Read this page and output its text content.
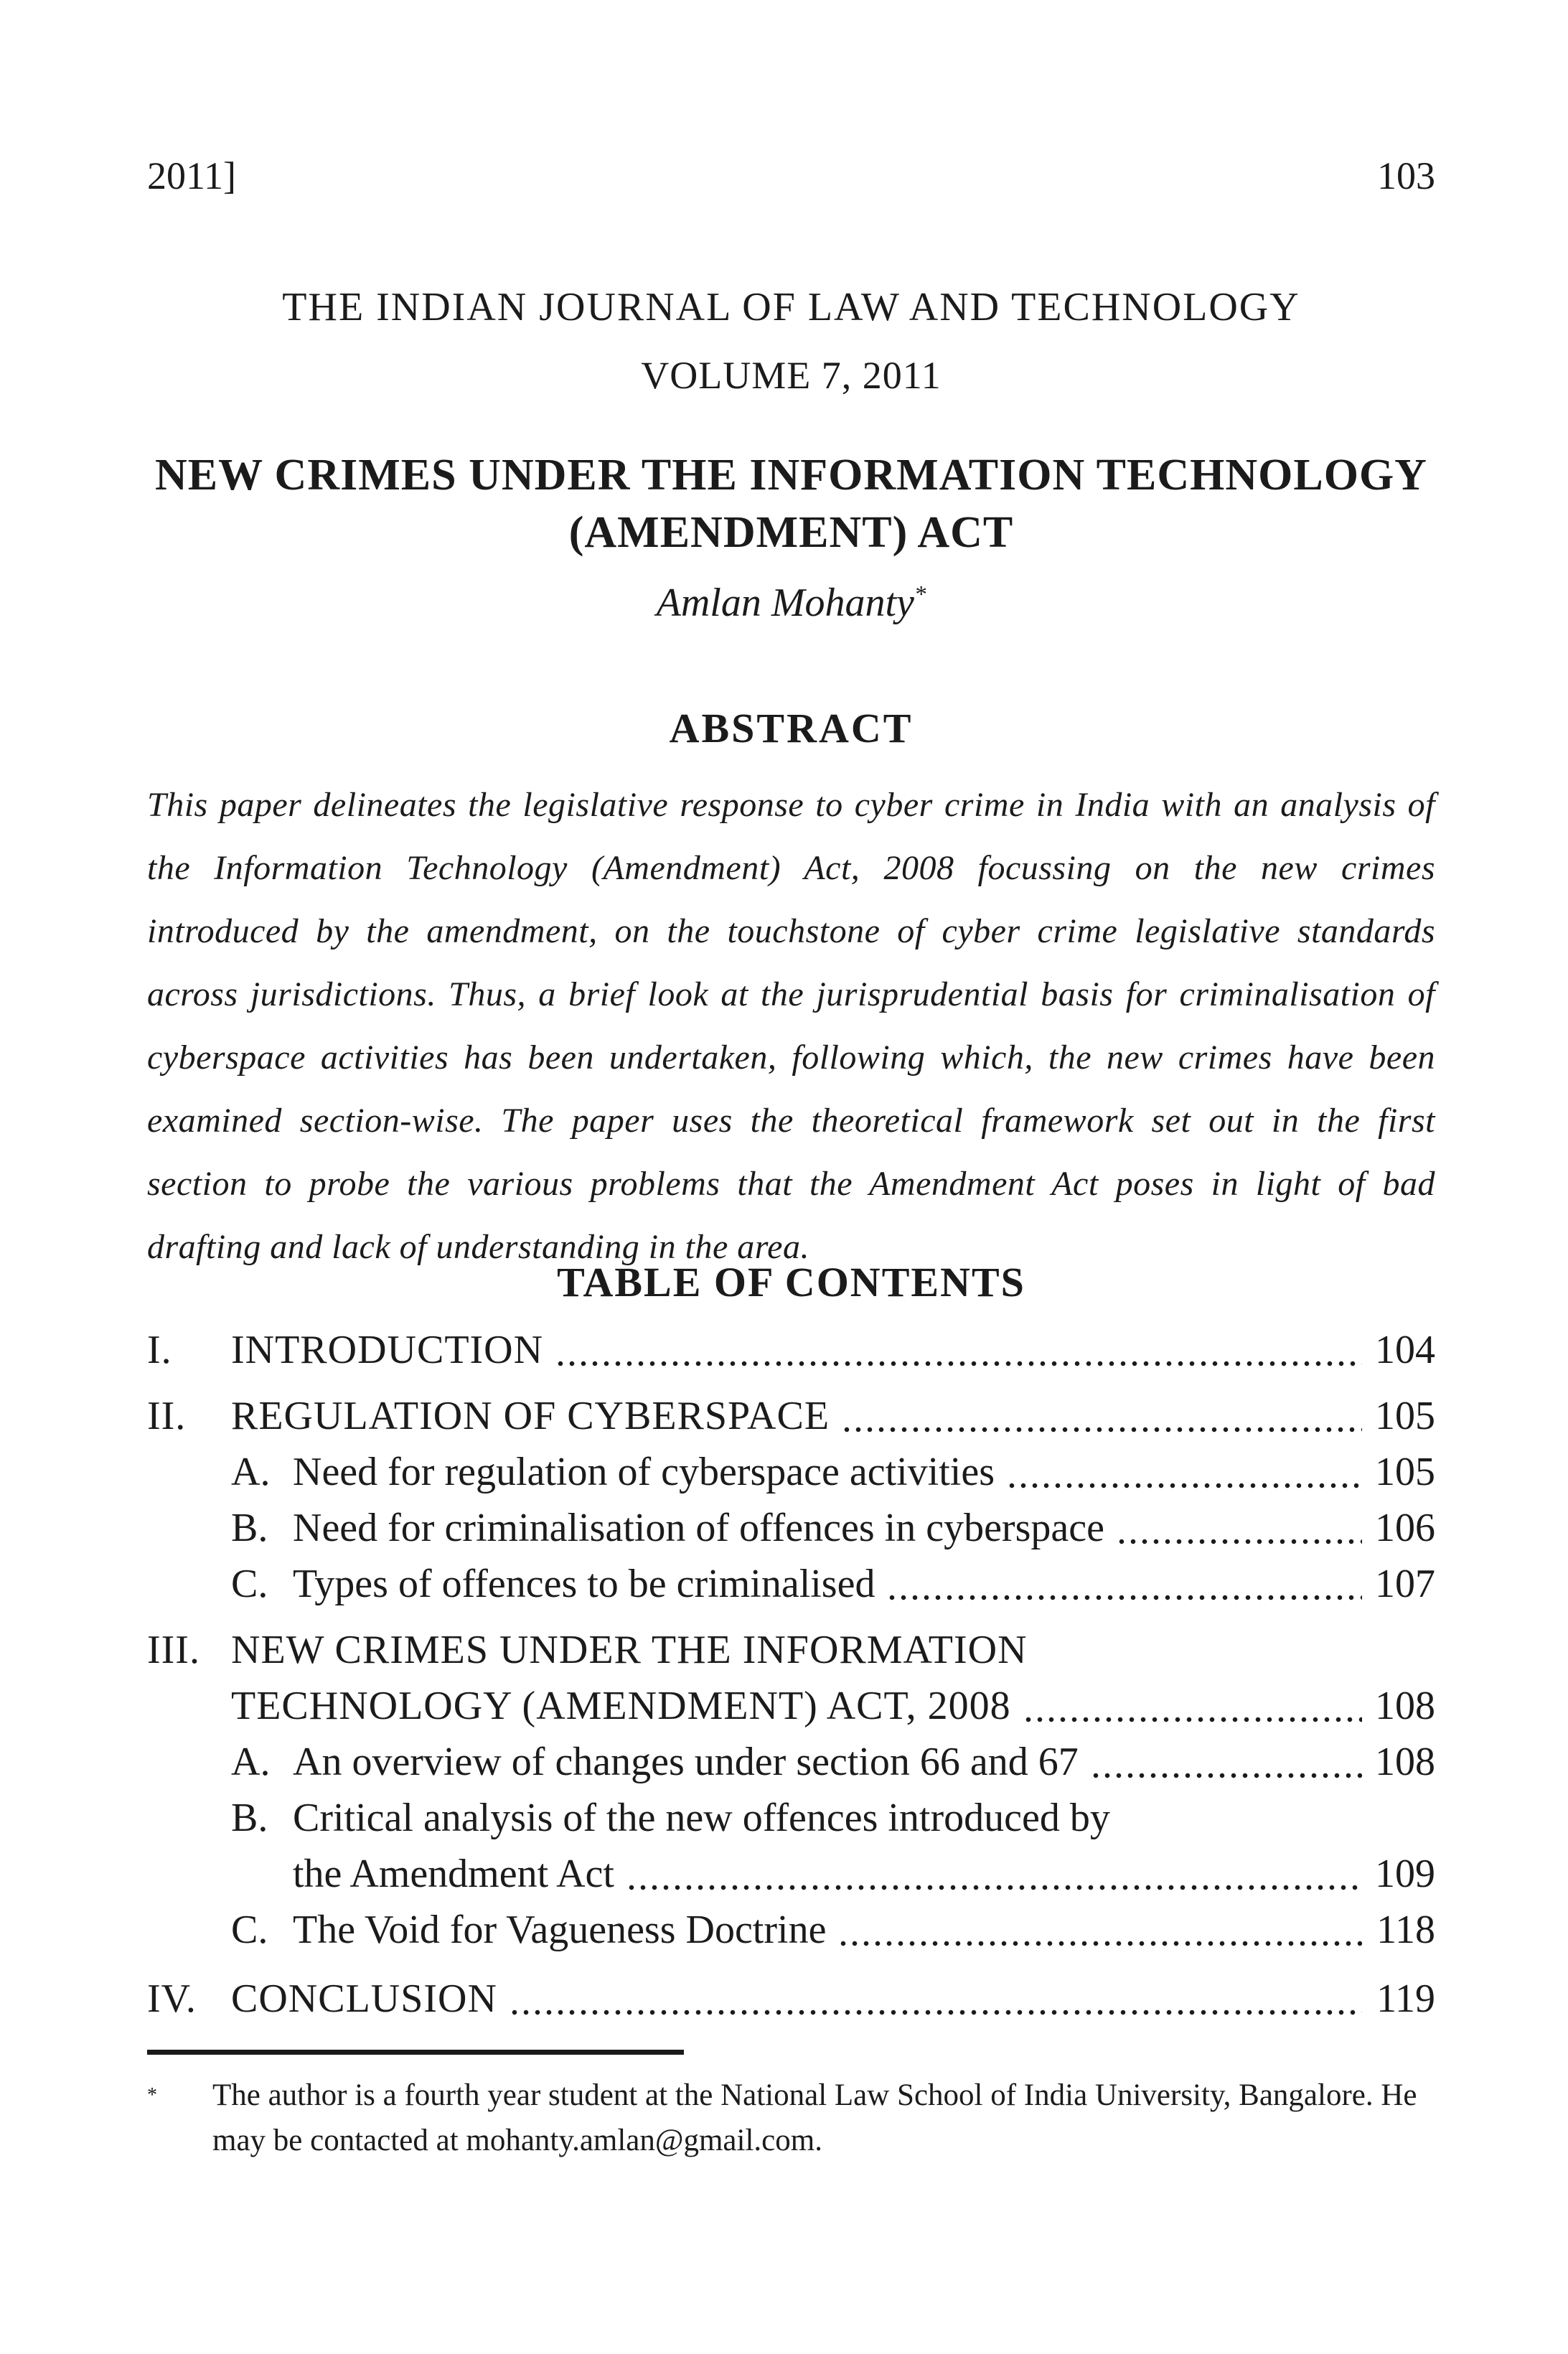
2011]	103
THE INDIAN JOURNAL OF LAW AND TECHNOLOGY
VOLUME 7, 2011
NEW CRIMES UNDER THE INFORMATION TECHNOLOGY
(AMENDMENT) ACT
Amlan Mohanty*
ABSTRACT
This paper delineates the legislative response to cyber crime in India with an analysis of the Information Technology (Amendment) Act, 2008 focussing on the new crimes introduced by the amendment, on the touchstone of cyber crime legislative standards across jurisdictions. Thus, a brief look at the jurisprudential basis for criminalisation of cyberspace activities has been undertaken, following which, the new crimes have been examined section-wise. The paper uses the theoretical framework set out in the first section to probe the various problems that the Amendment Act poses in light of bad drafting and lack of understanding in the area.
TABLE OF CONTENTS
I.	INTRODUCTION	104
II.	REGULATION OF CYBERSPACE	105
A. Need for regulation of cyberspace activities	105
B. Need for criminalisation of offences in cyberspace	106
C. Types of offences to be criminalised	107
III. NEW CRIMES UNDER THE INFORMATION
TECHNOLOGY (AMENDMENT) ACT, 2008	108
A. An overview of changes under section 66 and 67	108
B. Critical analysis of the new offences introduced by
the Amendment Act	109
C. The Void for Vagueness Doctrine	118
IV. CONCLUSION	119
* The author is a fourth year student at the National Law School of India University, Bangalore. He may be contacted at mohanty.amlan@gmail.com.
